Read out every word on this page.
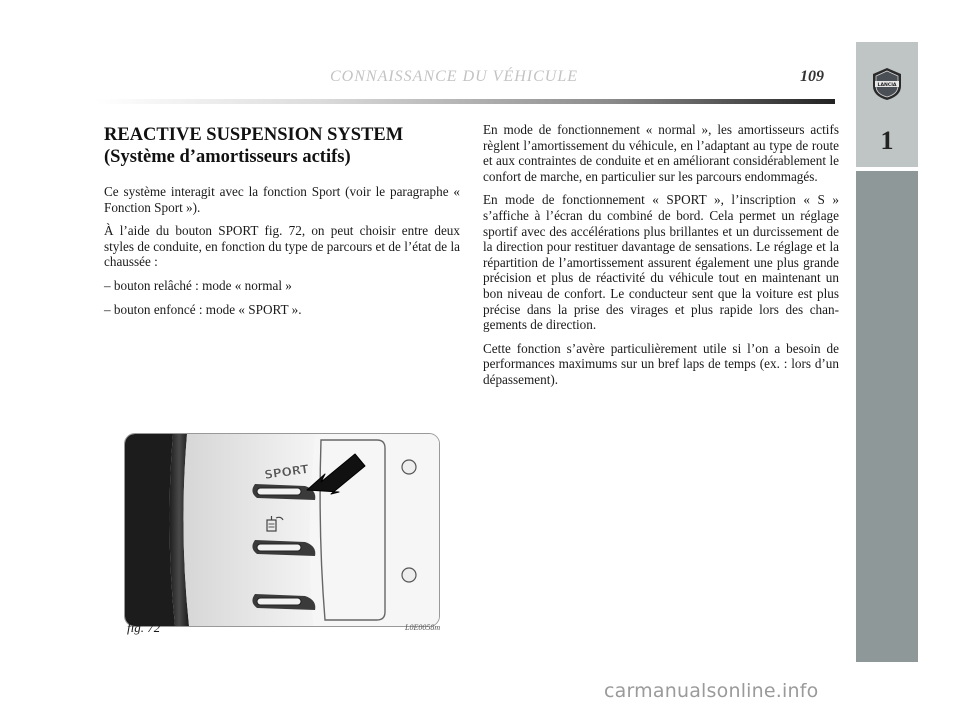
CONNAISSANCE DU VÉHICULE	109
LANCIA
1
REACTIVE SUSPENSION SYSTEM
(Système d’amortisseurs actifs)

Ce système interagit avec la fonction Sport (voir le paragraphe « Fonction Sport »).

À l’aide du bouton SPORT fig. 72, on peut choisir entre deux styles de conduite, en fonction du type de parcours et de l’état de la chaussée :

– bouton relâché : mode « normal »

– bouton enfoncé : mode « SPORT ».

En mode de fonctionnement « normal », les amortisseurs actifs règlent l’amortissement du véhicule, en l’adaptant au type de route et aux contraintes de conduite et en améliorant considérablement le confort de marche, en particulier sur les parcours endommagés.

En mode de fonctionnement « SPORT », l’inscription « S » s’affiche à l’écran du combiné de bord. Cela permet un réglage sportif avec des accélérations plus brillantes et un durcissement de la direction pour restituer davantage de sensations. Le réglage et la répartition de l’amortissement assurent également une plus grande précision et plus de réactivité du véhicule tout en maintenant un bon niveau de confort. Le conducteur sent que la voiture est plus précise dans la prise des virages et plus rapide lors des changements de direction.

Cette fonction s’avère particulièrement utile si l’on a besoin de performances maximums sur un bref laps de temps (ex. : lors d’un dépassement).

SPORT
fig. 72	L0E0058m
carmanualsonline.info
